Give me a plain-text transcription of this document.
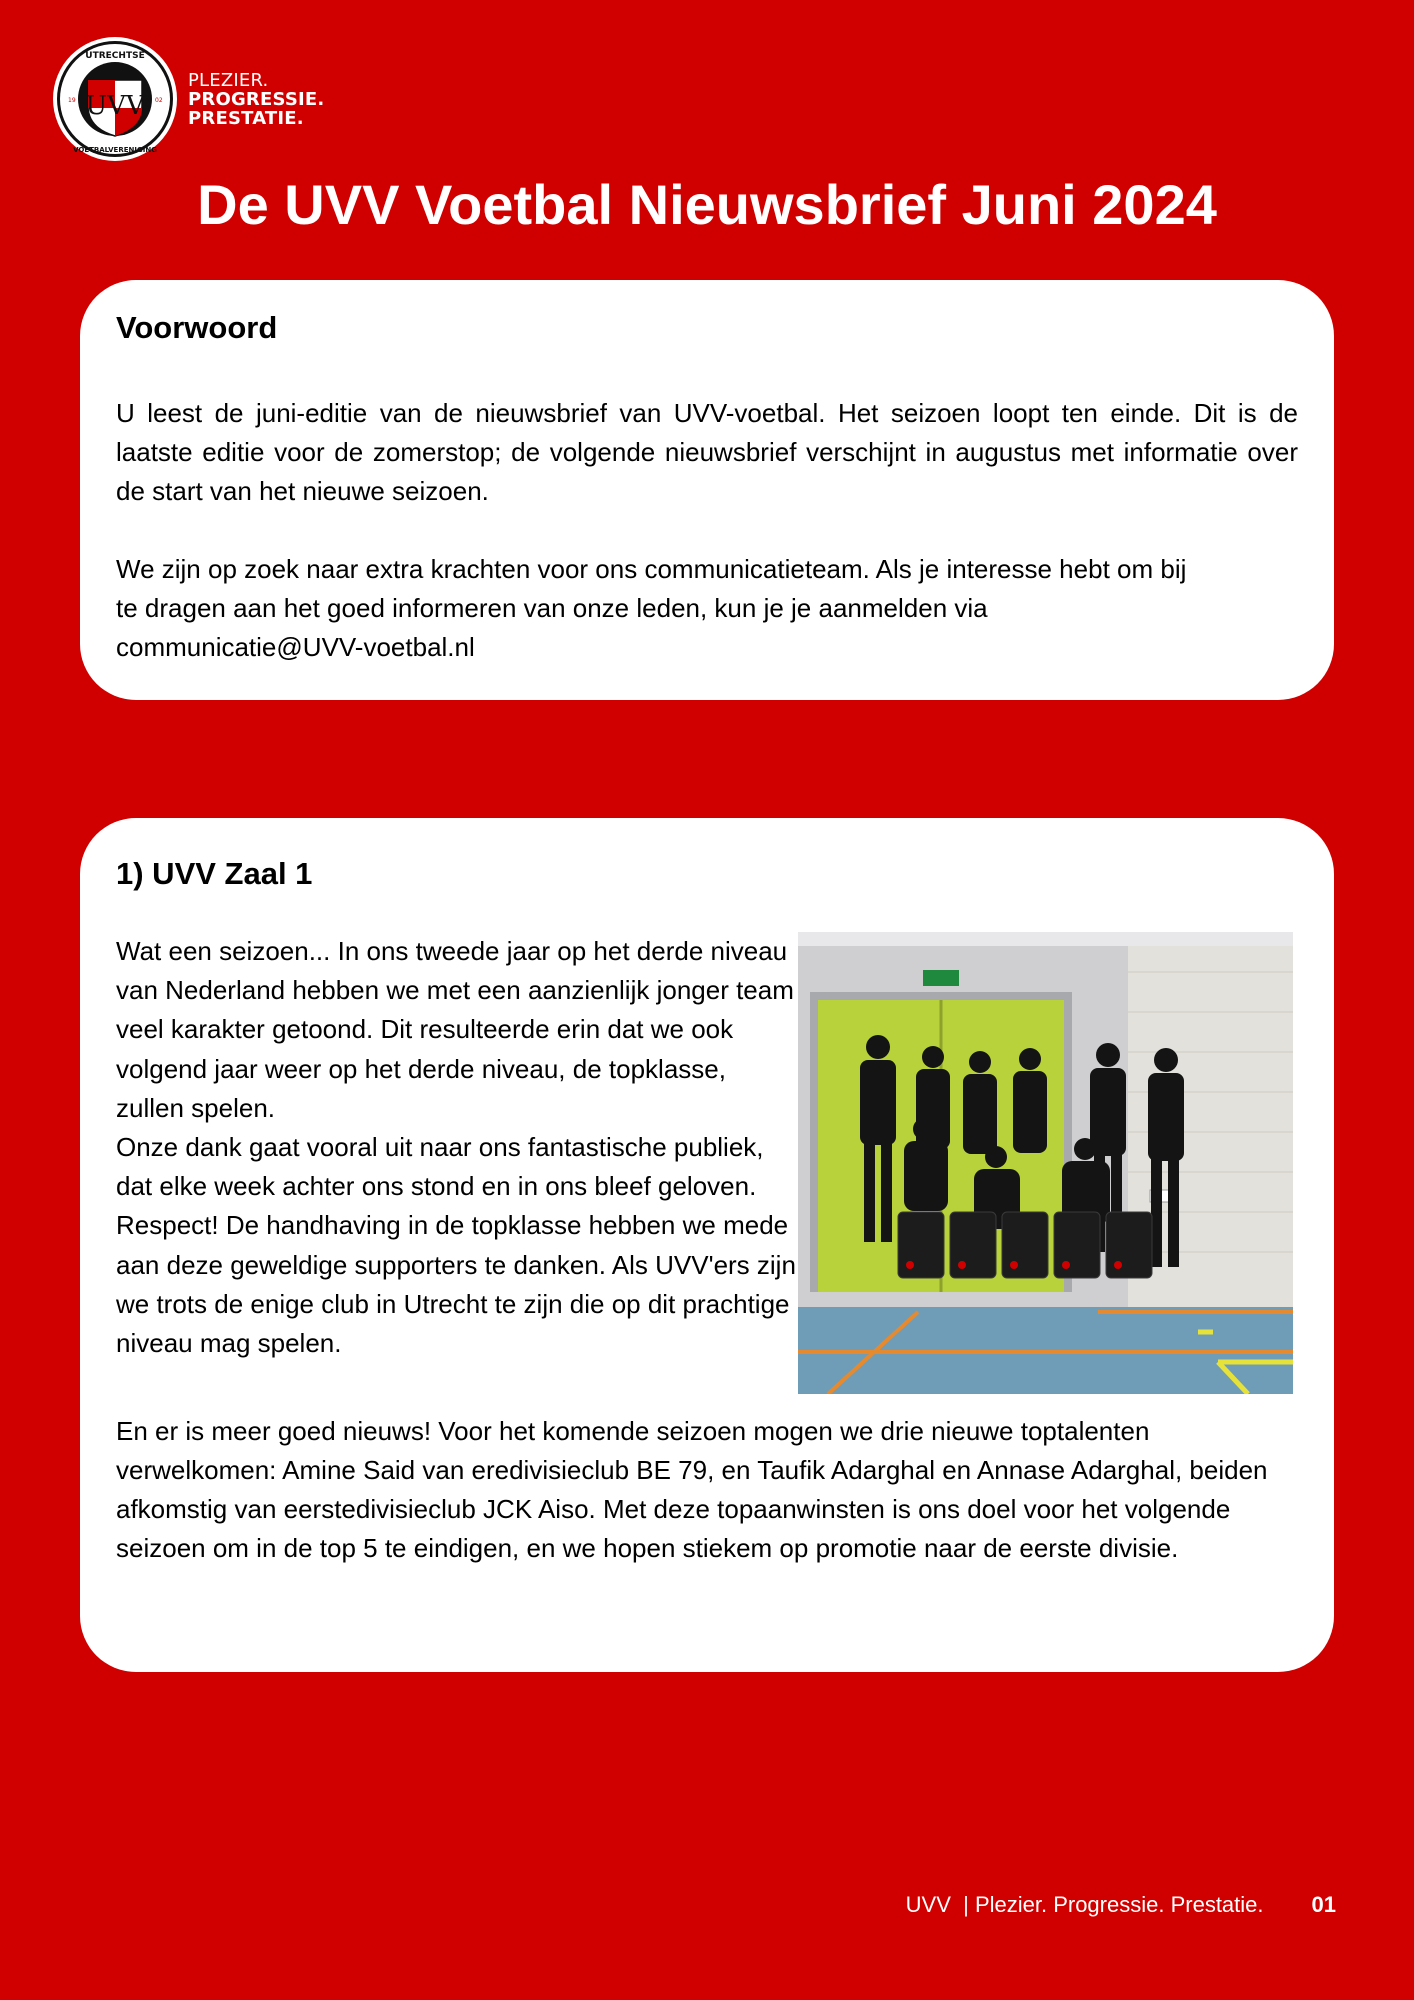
UTRECHTSE
VOETBALVERENIGING
UVV
19	02
PLEZIER.
PROGRESSIE.
PRESTATIE.
De UVV Voetbal Nieuwsbrief Juni 2024
Voorwoord

U leest de juni-editie van de nieuwsbrief van UVV-voetbal. Het seizoen loopt ten einde. Dit is de laatste editie voor de zomerstop; de volgende nieuwsbrief verschijnt in augustus met informatie over de start van het nieuwe seizoen.

We zijn op zoek naar extra krachten voor ons communicatieteam. Als je interesse hebt om bij
te dragen aan het goed informeren van onze leden, kun je je aanmelden via
communicatie@UVV-voetbal.nl

1) UVV Zaal 1

Wat een seizoen... In ons tweede jaar op het derde niveau van Nederland hebben we met een aanzienlijk jonger team veel karakter getoond. Dit resulteerde erin dat we ook volgend jaar weer op het derde niveau, de topklasse, zullen spelen.

Onze dank gaat vooral uit naar ons fantastische publiek, dat elke week achter ons stond en in ons bleef geloven. Respect! De handhaving in de topklasse hebben we mede aan deze geweldige supporters te danken. Als UVV'ers zijn we trots de enige club in Utrecht te zijn die op dit prachtige niveau mag spelen.

En er is meer goed nieuws! Voor het komende seizoen mogen we drie nieuwe toptalenten verwelkomen: Amine Said van eredivisieclub BE 79, en Taufik Adarghal en Annase Adarghal, beiden afkomstig van eerstedivisieclub JCK Aiso. Met deze topaanwinsten is ons doel voor het volgende seizoen om in de top 5 te eindigen, en we hopen stiekem op promotie naar de eerste divisie.

UVV  | Plezier. Progressie. Prestatie. 01
